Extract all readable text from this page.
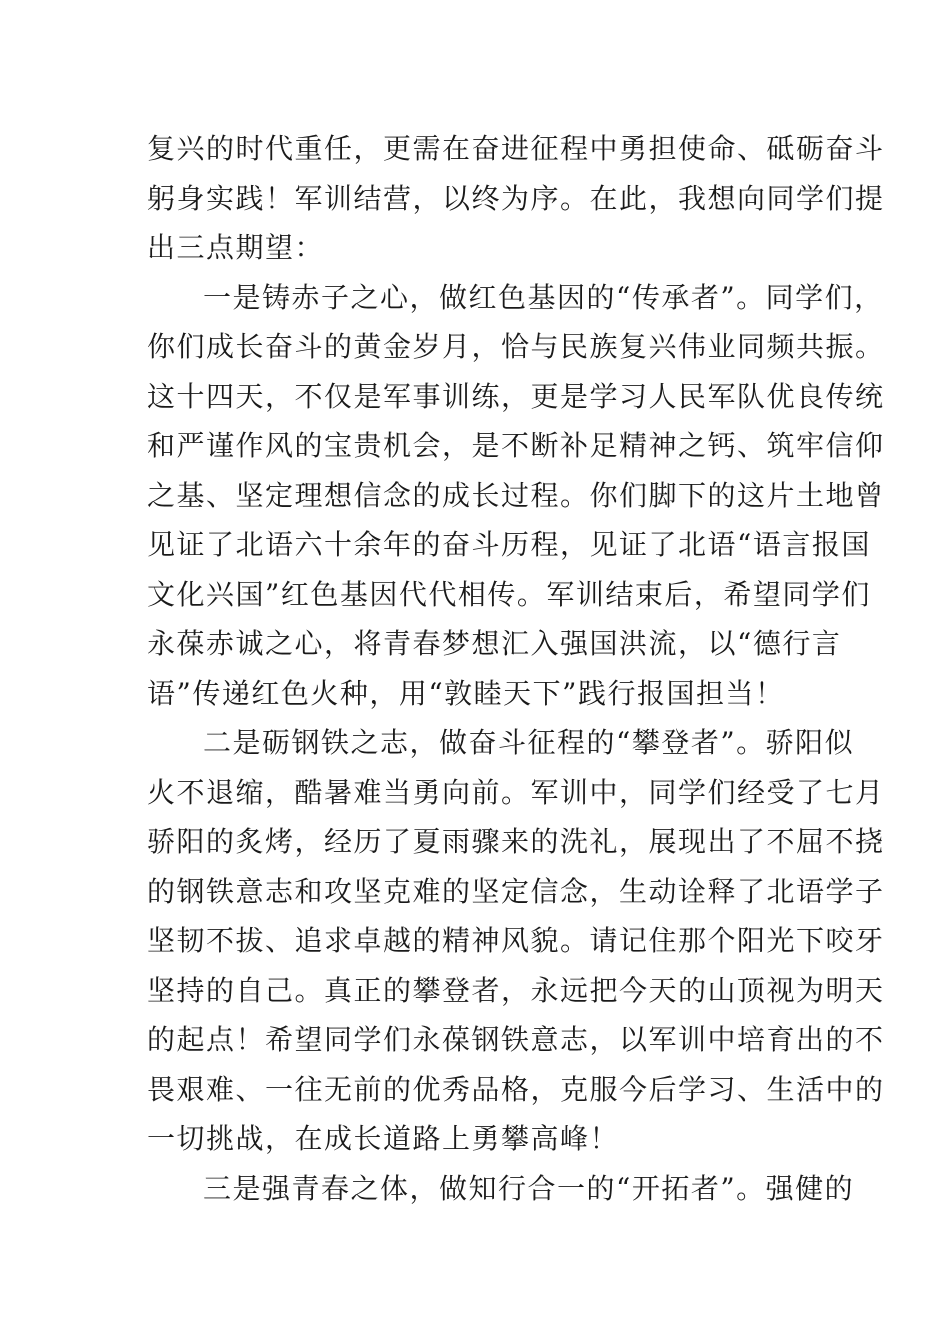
复兴的时代重任，更需在奋进征程中勇担使命、砥砺奋斗
躬身实践！军训结营，以终为序。在此，我想向同学们提
出三点期望：
一是铸赤子之心，做红色基因的“传承者”。同学们，
你们成长奋斗的黄金岁月，恰与民族复兴伟业同频共振。
这十四天，不仅是军事训练，更是学习人民军队优良传统
和严谨作风的宝贵机会，是不断补足精神之钙、筑牢信仰
之基、坚定理想信念的成长过程。你们脚下的这片土地曾
见证了北语六十余年的奋斗历程，见证了北语“语言报国
文化兴国”红色基因代代相传。军训结束后，希望同学们
永葆赤诚之心，将青春梦想汇入强国洪流，以“德行言
语”传递红色火种，用“敦睦天下”践行报国担当！
二是砺钢铁之志，做奋斗征程的“攀登者”。骄阳似
火不退缩，酷暑难当勇向前。军训中，同学们经受了七月
骄阳的炙烤，经历了夏雨骤来的洗礼，展现出了不屈不挠
的钢铁意志和攻坚克难的坚定信念，生动诠释了北语学子
坚韧不拔、追求卓越的精神风貌。请记住那个阳光下咬牙
坚持的自己。真正的攀登者，永远把今天的山顶视为明天
的起点！希望同学们永葆钢铁意志，以军训中培育出的不
畏艰难、一往无前的优秀品格，克服今后学习、生活中的
一切挑战，在成长道路上勇攀高峰！
三是强青春之体，做知行合一的“开拓者”。强健的
